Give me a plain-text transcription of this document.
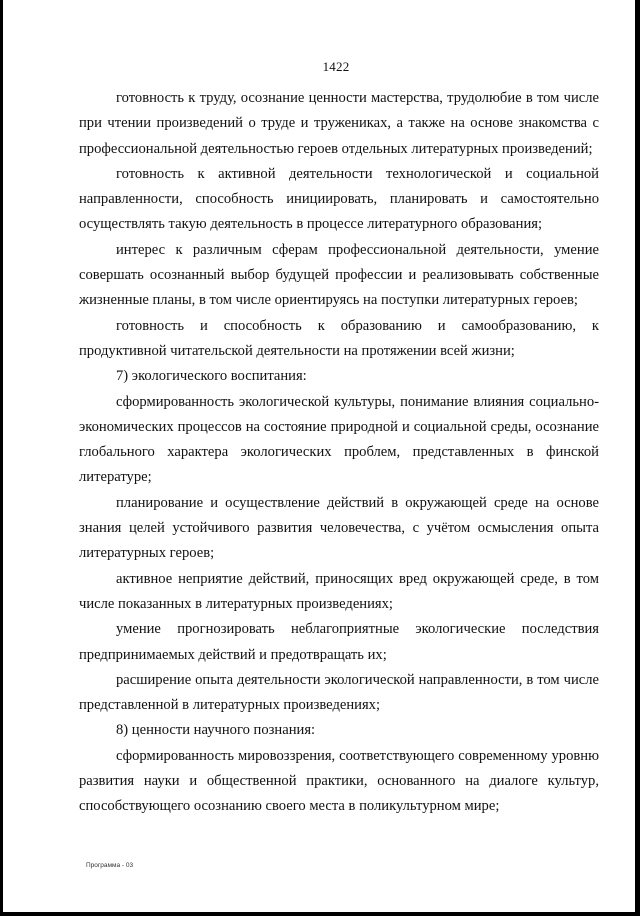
1422

готовность к труду, осознание ценности мастерства, трудолюбие в том числе при чтении произведений о труде и тружениках, а также на основе знакомства с профессиональной деятельностью героев отдельных литературных произведений;

готовность к активной деятельности технологической и социальной направленности, способность инициировать, планировать и самостоятельно осуществлять такую деятельность в процессе литературного образования;

интерес к различным сферам профессиональной деятельности, умение совершать осознанный выбор будущей профессии и реализовывать собственные жизненные планы, в том числе ориентируясь на поступки литературных героев;

готовность и способность к образованию и самообразованию, к продуктивной читательской деятельности на протяжении всей жизни;

7) экологического воспитания:

сформированность экологической культуры, понимание влияния социально-экономических процессов на состояние природной и социальной среды, осознание глобального характера экологических проблем, представленных в финской литературе;

планирование и осуществление действий в окружающей среде на основе знания целей устойчивого развития человечества, с учётом осмысления опыта литературных героев;

активное неприятие действий, приносящих вред окружающей среде, в том числе показанных в литературных произведениях;

умение прогнозировать неблагоприятные экологические последствия предпринимаемых действий и предотвращать их;

расширение опыта деятельности экологической направленности, в том числе представленной в литературных произведениях;

8) ценности научного познания:

сформированность мировоззрения, соответствующего современному уровню развития науки и общественной практики, основанного на диалоге культур, способствующего осознанию своего места в поликультурном мире;

Программа - 03
